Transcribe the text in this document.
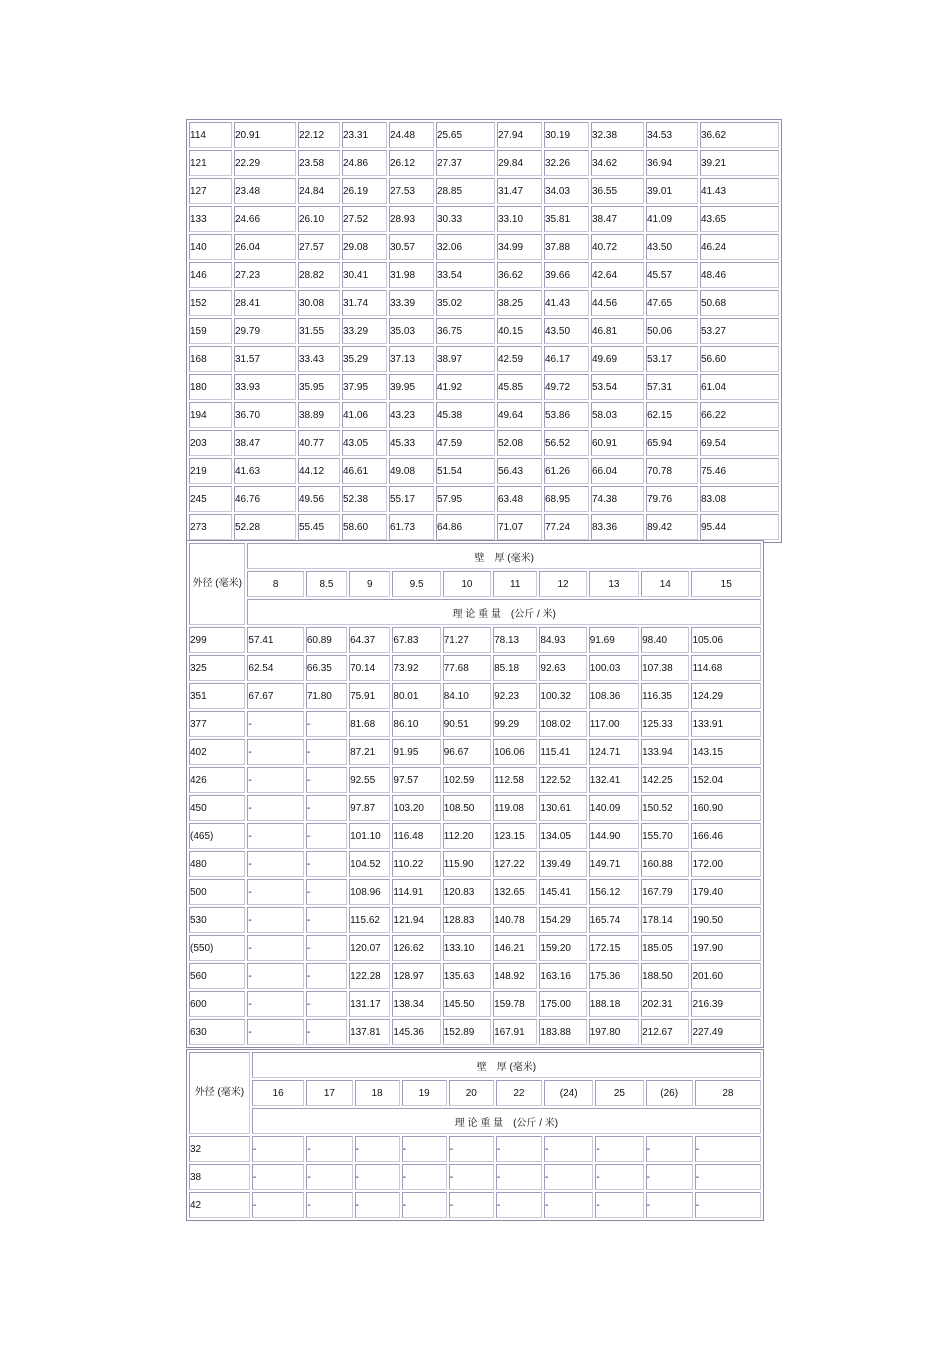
114	20.91	22.12	23.31	24.48	25.65	27.94	30.19	32.38	34.53	36.62
121	22.29	23.58	24.86	26.12	27.37	29.84	32.26	34.62	36.94	39.21
127	23.48	24.84	26.19	27.53	28.85	31.47	34.03	36.55	39.01	41.43
133	24.66	26.10	27.52	28.93	30.33	33.10	35.81	38.47	41.09	43.65
140	26.04	27.57	29.08	30.57	32.06	34.99	37.88	40.72	43.50	46.24
146	27.23	28.82	30.41	31.98	33.54	36.62	39.66	42.64	45.57	48.46
152	28.41	30.08	31.74	33.39	35.02	38.25	41.43	44.56	47.65	50.68
159	29.79	31.55	33.29	35.03	36.75	40.15	43.50	46.81	50.06	53.27
168	31.57	33.43	35.29	37.13	38.97	42.59	46.17	49.69	53.17	56.60
180	33.93	35.95	37.95	39.95	41.92	45.85	49.72	53.54	57.31	61.04
194	36.70	38.89	41.06	43.23	45.38	49.64	53.86	58.03	62.15	66.22
203	38.47	40.77	43.05	45.33	47.59	52.08	56.52	60.91	65.94	69.54
219	41.63	44.12	46.61	49.08	51.54	56.43	61.26	66.04	70.78	75.46
245	46.76	49.56	52.38	55.17	57.95	63.48	68.95	74.38	79.76	83.08
273	52.28	55.45	58.60	61.73	64.86	71.07	77.24	83.36	89.42	95.44
外径 (毫米)	壁　厚 (毫米)									
	8	8.5	9	9.5	10	11	12	13	14	15
	理 论 重 量　(公斤 / 米)									
299	57.41	60.89	64.37	67.83	71.27	78.13	84.93	91.69	98.40	105.06
325	62.54	66.35	70.14	73.92	77.68	85.18	92.63	100.03	107.38	114.68
351	67.67	71.80	75.91	80.01	84.10	92.23	100.32	108.36	116.35	124.29
377	-	-	81.68	86.10	90.51	99.29	108.02	117.00	125.33	133.91
402	-	-	87.21	91.95	96.67	106.06	115.41	124.71	133.94	143.15
426	-	-	92.55	97.57	102.59	112.58	122.52	132.41	142.25	152.04
450	-	-	97.87	103.20	108.50	119.08	130.61	140.09	150.52	160.90
(465)	-	-	101.10	116.48	112.20	123.15	134.05	144.90	155.70	166.46
480	-	-	104.52	110.22	115.90	127.22	139.49	149.71	160.88	172.00
500	-	-	108.96	114.91	120.83	132.65	145.41	156.12	167.79	179.40
530	-	-	115.62	121.94	128.83	140.78	154.29	165.74	178.14	190.50
(550)	-	-	120.07	126.62	133.10	146.21	159.20	172.15	185.05	197.90
560	-	-	122.28	128.97	135.63	148.92	163.16	175.36	188.50	201.60
600	-	-	131.17	138.34	145.50	159.78	175.00	188.18	202.31	216.39
630	-	-	137.81	145.36	152.89	167.91	183.88	197.80	212.67	227.49
外径 (毫米)	壁　厚 (毫米)									
	16	17	18	19	20	22	(24)	25	(26)	28
	理 论 重 量　(公斤 / 米)									
32	-	-	-	-	-	-	-	-	-	-
38	-	-	-	-	-	-	-	-	-	-
42	-	-	-	-	-	-	-	-	-	-
